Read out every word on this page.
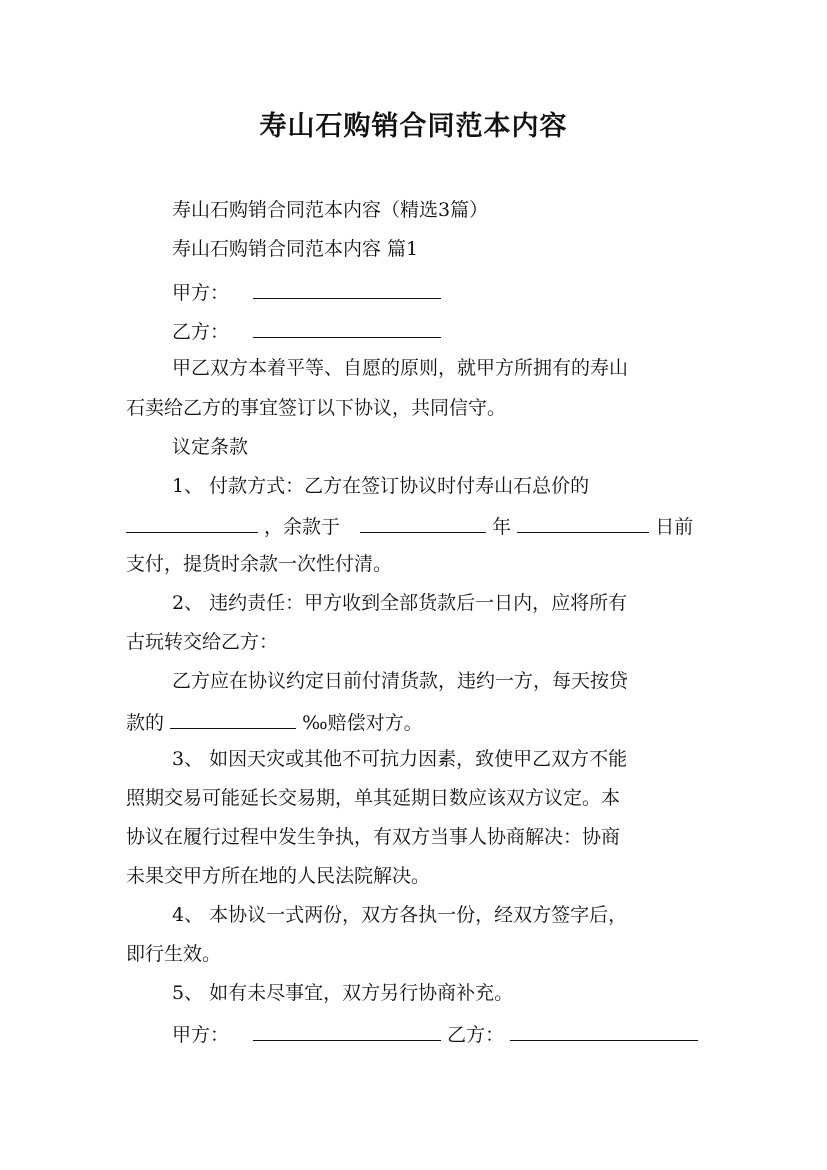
寿山石购销合同范本内容
寿山石购销合同范本内容（精选3篇）
寿山石购销合同范本内容 篇1
甲方：
乙方：
甲乙双方本着平等、自愿的原则，就甲方所拥有的寿山
石卖给乙方的事宜签订以下协议，共同信守。
议定条款
1、 付款方式：乙方在签订协议时付寿山石总价的
，余款于	年	日前
支付，提货时余款一次性付清。
2、 违约责任：甲方收到全部货款后一日内，应将所有
古玩转交给乙方：
乙方应在协议约定日前付清货款，违约一方，每天按贷
款的	‰赔偿对方。
3、 如因天灾或其他不可抗力因素，致使甲乙双方不能
照期交易可能延长交易期，单其延期日数应该双方议定。本
协议在履行过程中发生争执，有双方当事人协商解决：协商
未果交甲方所在地的人民法院解决。
4、 本协议一式两份，双方各执一份，经双方签字后，
即行生效。
5、 如有未尽事宜，双方另行协商补充。
甲方：	乙方：
